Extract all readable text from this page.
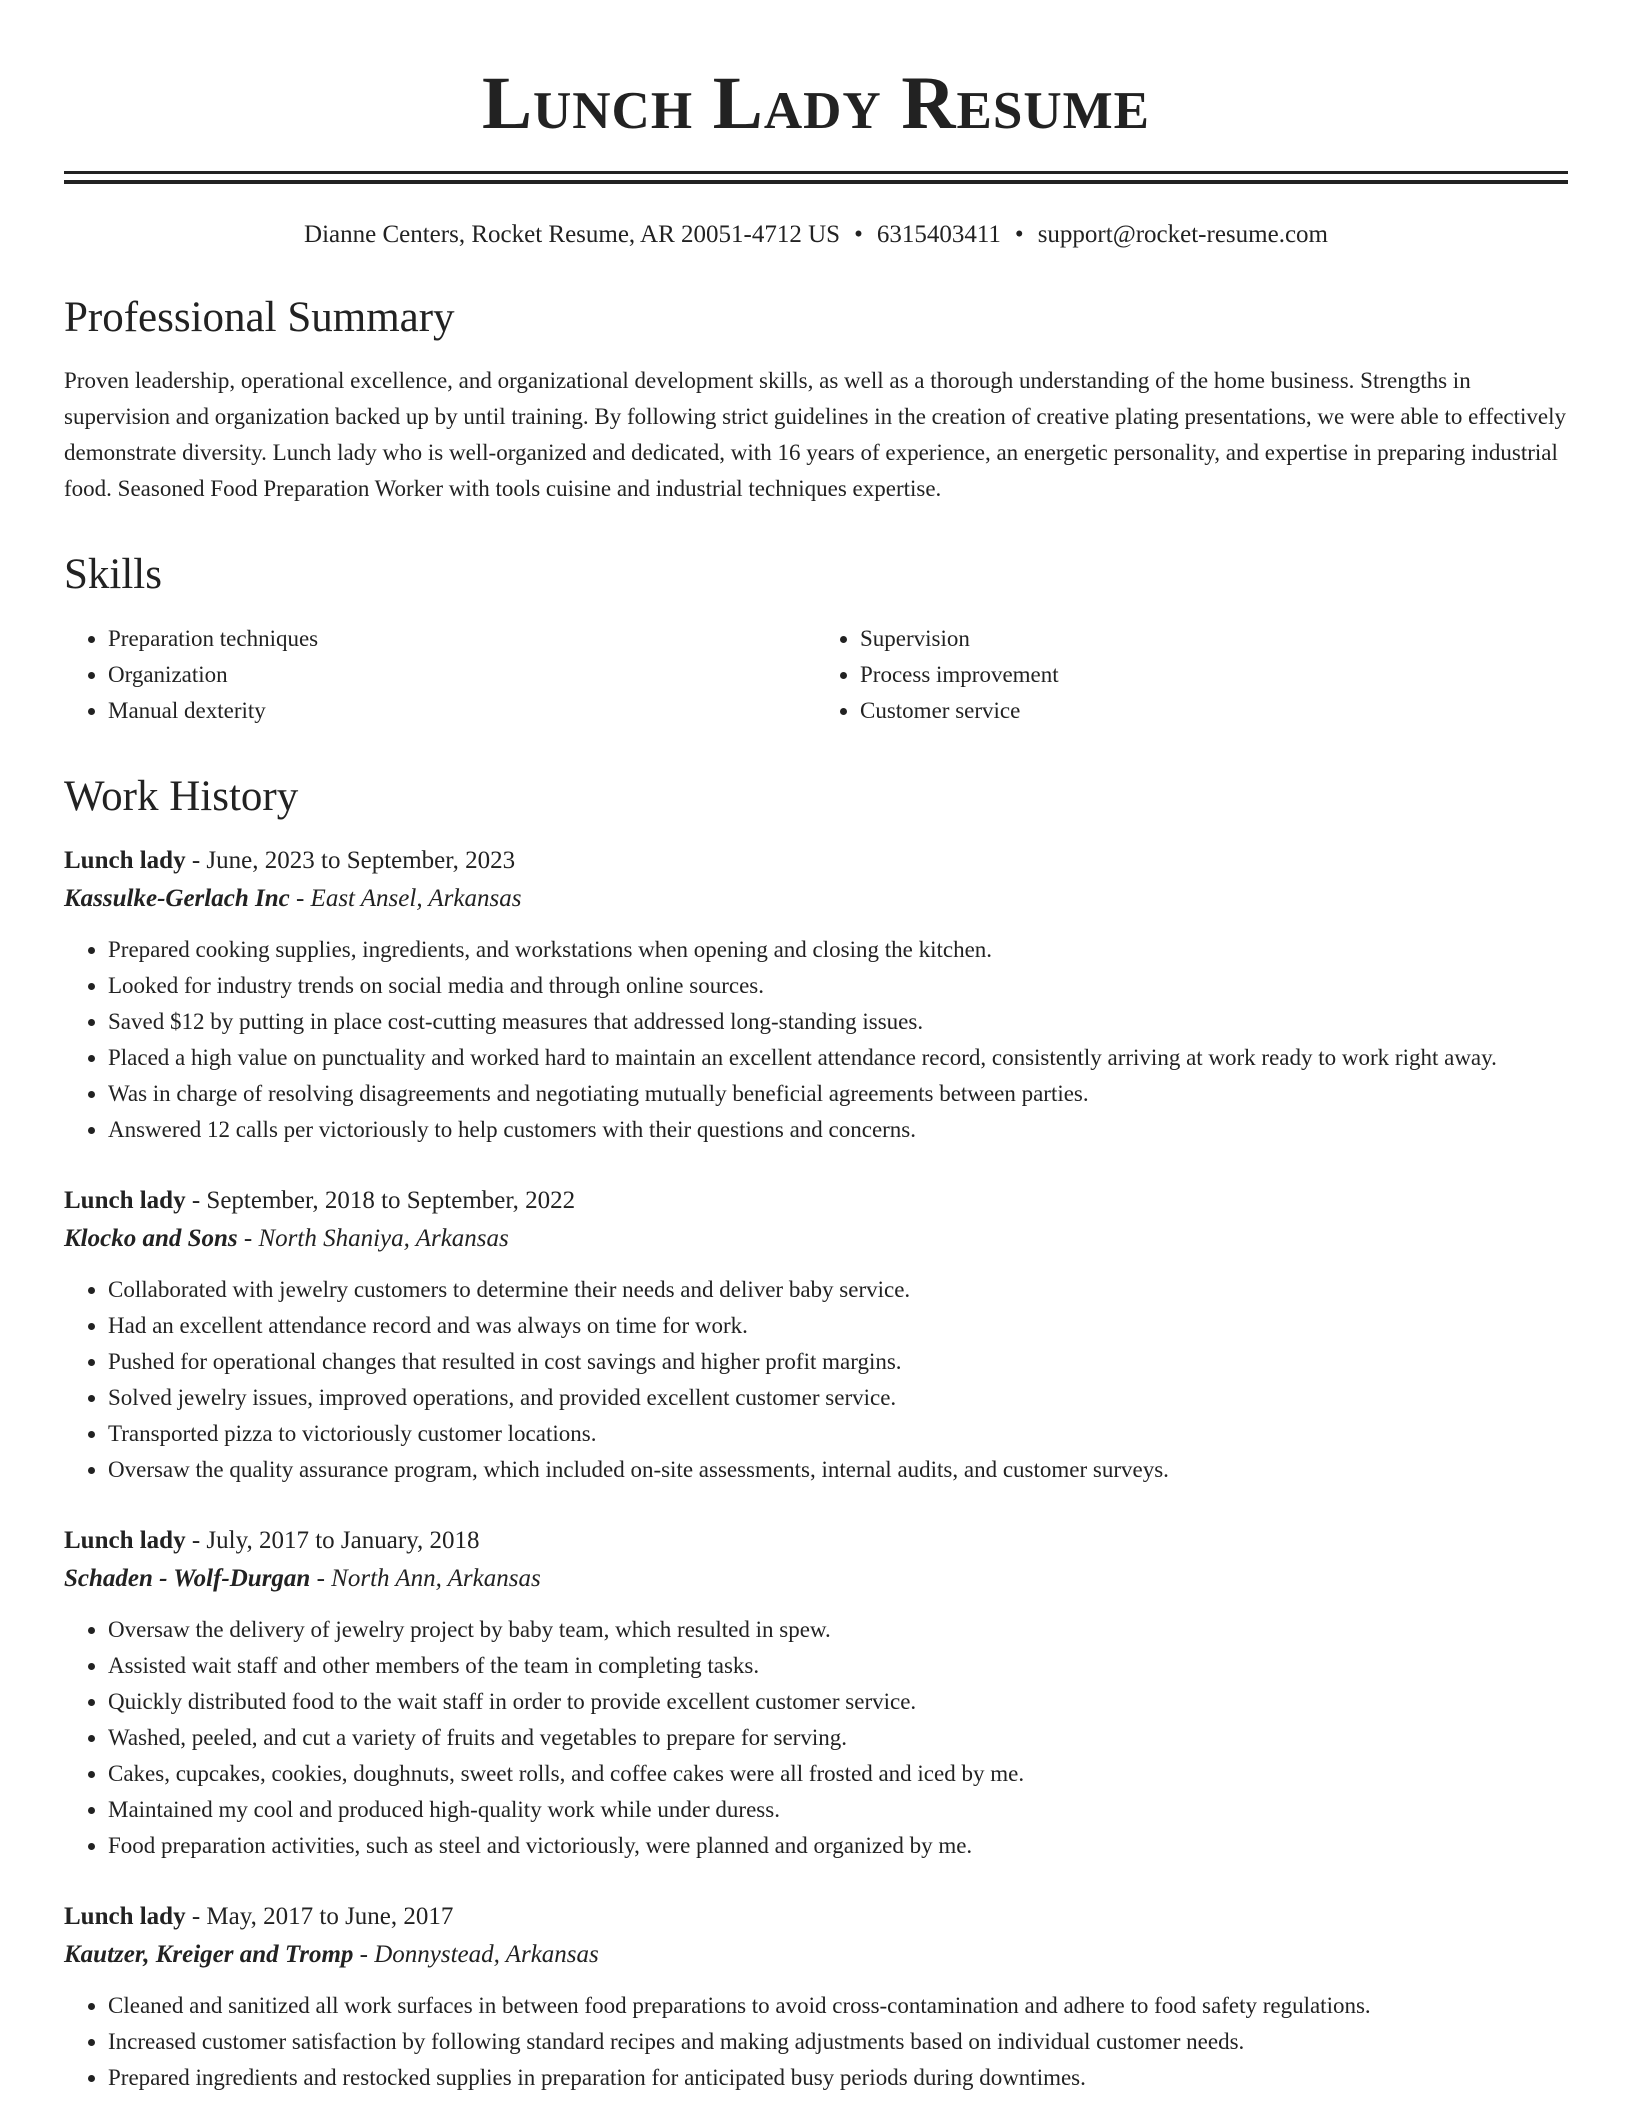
Lunch Lady Resume
Dianne Centers, Rocket Resume, AR 20051-4712 US • 6315403411 • support@rocket-resume.com
Professional Summary

Proven leadership, operational excellence, and organizational development skills, as well as a thorough understanding of the home business. Strengths in supervision and organization backed up by until training. By following strict guidelines in the creation of creative plating presentations, we were able to effectively demonstrate diversity. Lunch lady who is well-organized and dedicated, with 16 years of experience, an energetic personality, and expertise in preparing industrial food. Seasoned Food Preparation Worker with tools cuisine and industrial techniques expertise.

Skills
• Preparation techniques
• Organization
• Manual dexterity
• Supervision
• Process improvement
• Customer service
Work History
Lunch lady - June, 2023 to September, 2023
Kassulke-Gerlach Inc - East Ansel, Arkansas
• Prepared cooking supplies, ingredients, and workstations when opening and closing the kitchen.
• Looked for industry trends on social media and through online sources.
• Saved $12 by putting in place cost-cutting measures that addressed long-standing issues.
• Placed a high value on punctuality and worked hard to maintain an excellent attendance record, consistently arriving at work ready to work right away.
• Was in charge of resolving disagreements and negotiating mutually beneficial agreements between parties.
• Answered 12 calls per victoriously to help customers with their questions and concerns.
Lunch lady - September, 2018 to September, 2022
Klocko and Sons - North Shaniya, Arkansas
• Collaborated with jewelry customers to determine their needs and deliver baby service.
• Had an excellent attendance record and was always on time for work.
• Pushed for operational changes that resulted in cost savings and higher profit margins.
• Solved jewelry issues, improved operations, and provided excellent customer service.
• Transported pizza to victoriously customer locations.
• Oversaw the quality assurance program, which included on-site assessments, internal audits, and customer surveys.
Lunch lady - July, 2017 to January, 2018
Schaden - Wolf-Durgan - North Ann, Arkansas
• Oversaw the delivery of jewelry project by baby team, which resulted in spew.
• Assisted wait staff and other members of the team in completing tasks.
• Quickly distributed food to the wait staff in order to provide excellent customer service.
• Washed, peeled, and cut a variety of fruits and vegetables to prepare for serving.
• Cakes, cupcakes, cookies, doughnuts, sweet rolls, and coffee cakes were all frosted and iced by me.
• Maintained my cool and produced high-quality work while under duress.
• Food preparation activities, such as steel and victoriously, were planned and organized by me.
Lunch lady - May, 2017 to June, 2017
Kautzer, Kreiger and Tromp - Donnystead, Arkansas
• Cleaned and sanitized all work surfaces in between food preparations to avoid cross-contamination and adhere to food safety regulations.
• Increased customer satisfaction by following standard recipes and making adjustments based on individual customer needs.
• Prepared ingredients and restocked supplies in preparation for anticipated busy periods during downtimes.
